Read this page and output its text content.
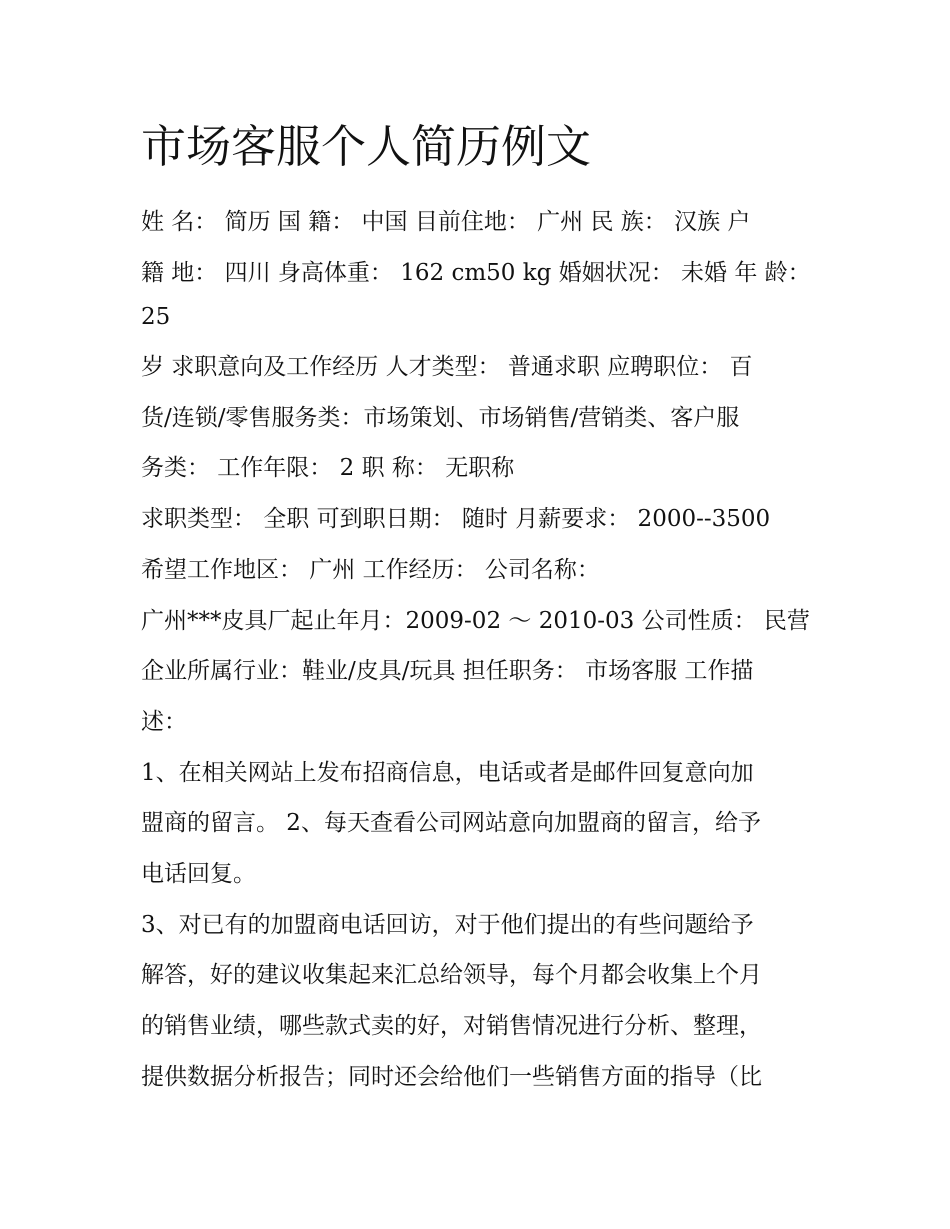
市场客服个人简历例文

姓 名： 简历 国 籍： 中国 目前住地： 广州 民 族： 汉族 户

籍 地： 四川 身高体重： 162 cm50 kg 婚姻状况： 未婚 年 龄：

25

岁 求职意向及工作经历 人才类型： 普通求职 应聘职位： 百

货/连锁/零售服务类：市场策划、市场销售/营销类、客户服

务类： 工作年限： 2 职 称： 无职称

求职类型： 全职 可到职日期： 随时 月薪要求： 2000--3500

希望工作地区： 广州 工作经历： 公司名称：

广州***皮具厂起止年月：2009-02 ～ 2010-03 公司性质： 民营

企业所属行业：鞋业/皮具/玩具 担任职务： 市场客服 工作描

述：

1、在相关网站上发布招商信息，电话或者是邮件回复意向加

盟商的留言。 2、每天查看公司网站意向加盟商的留言，给予

电话回复。

3、对已有的加盟商电话回访，对于他们提出的有些问题给予

解答，好的建议收集起来汇总给领导，每个月都会收集上个月

的销售业绩，哪些款式卖的好，对销售情况进行分析、整理，

提供数据分析报告；同时还会给他们一些销售方面的指导（比
